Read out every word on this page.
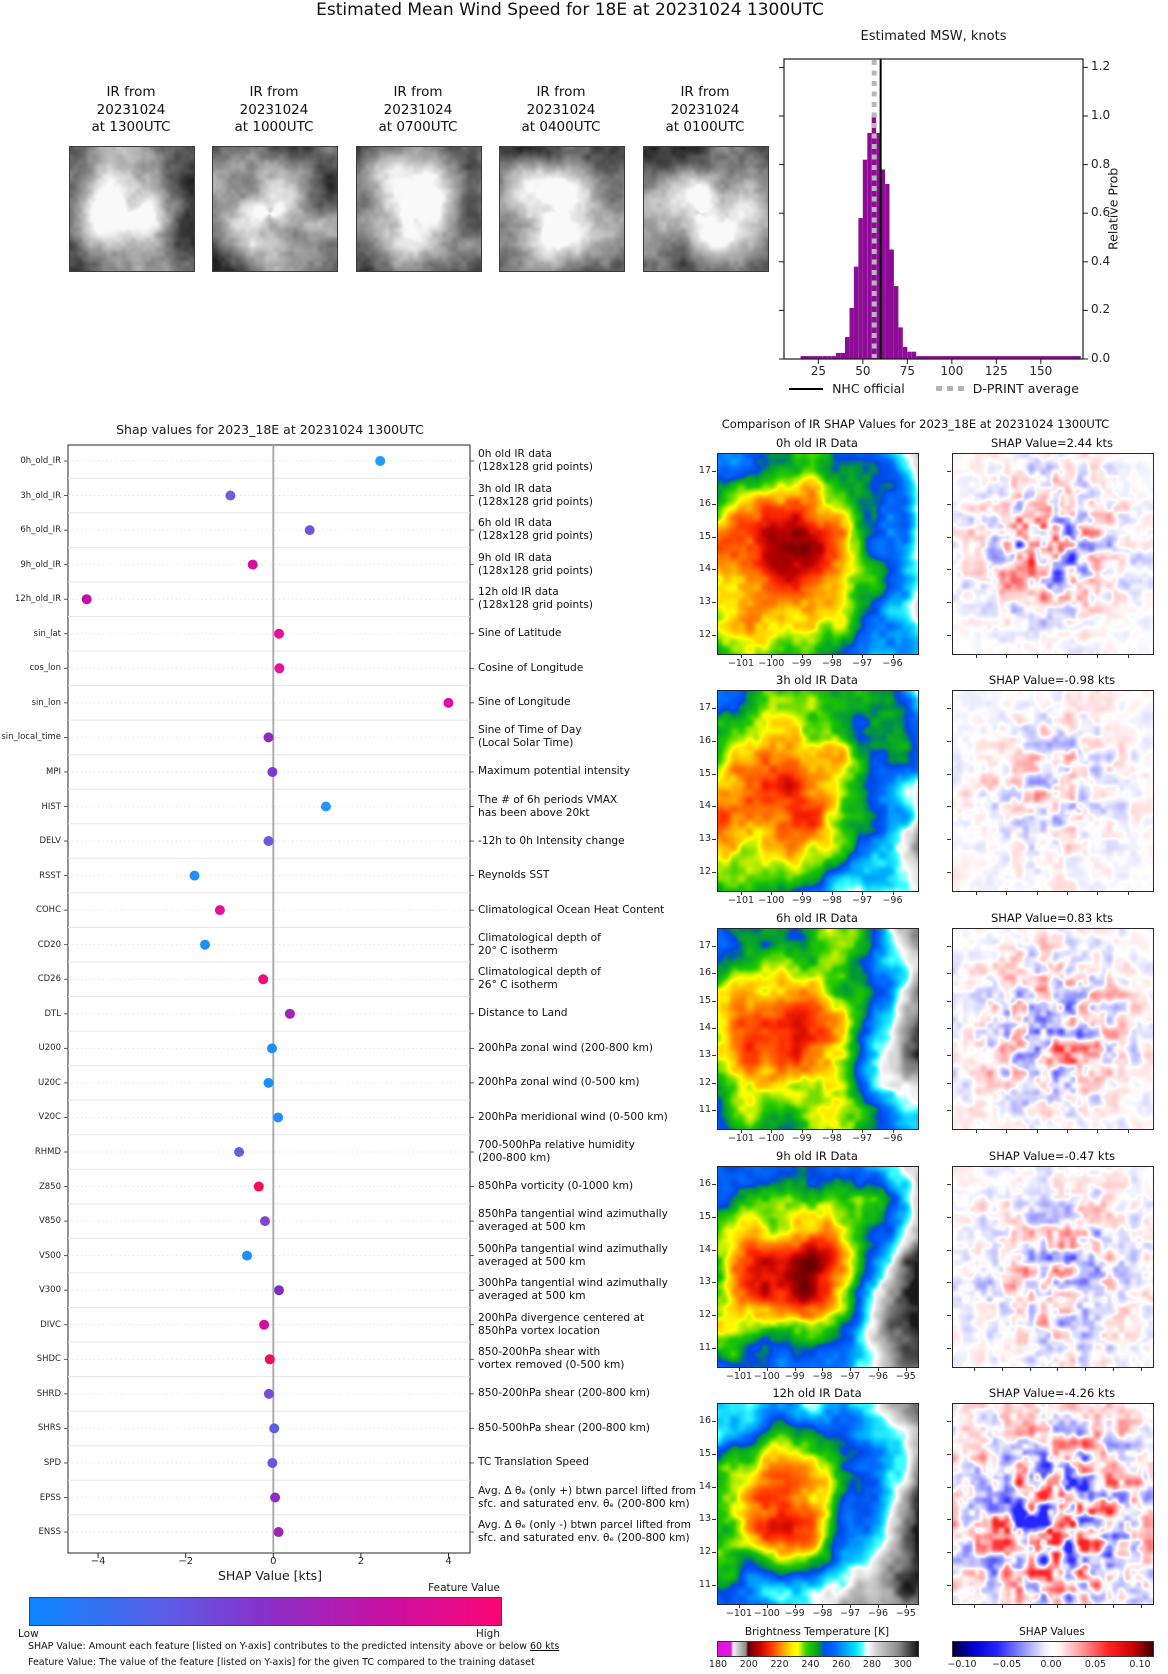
Estimated Mean Wind Speed for 18E at 20231024 1300UTC
IR from
20231024
at 1300UTC
IR from
20231024
at 1000UTC
IR from
20231024
at 0700UTC
IR from
20231024
at 0400UTC
IR from
20231024
at 0100UTC
Estimated MSW, knots
25	50	75	100	125	150
0.0
0.2
0.4
0.6
0.8
1.0
1.2
Relative Prob
NHC official	D-PRINT average
Shap values for 2023_18E at 20231024 1300UTC
0h_old_IR
0h old IR data
(128x128 grid points)
3h_old_IR
3h old IR data
(128x128 grid points)
6h_old_IR
6h old IR data
(128x128 grid points)
9h_old_IR
9h old IR data
(128x128 grid points)
12h_old_IR
12h old IR data
(128x128 grid points)
sin_lat	Sine of Latitude
cos_lon	Cosine of Longitude
sin_lon	Sine of Longitude
sin_local_time
Sine of Time of Day
(Local Solar Time)
MPI	Maximum potential intensity
HIST
The # of 6h periods VMAX
has been above 20kt
DELV	-12h to 0h Intensity change
RSST	Reynolds SST
COHC	Climatological Ocean Heat Content
CD20
Climatological depth of
20° C isotherm
CD26
Climatological depth of
26° C isotherm
DTL	Distance to Land
U200	200hPa zonal wind (200-800 km)
U20C	200hPa zonal wind (0-500 km)
V20C	200hPa meridional wind (0-500 km)
RHMD
700-500hPa relative humidity
(200-800 km)
Z850	850hPa vorticity (0-1000 km)
V850
850hPa tangential wind azimuthally
averaged at 500 km
V500
500hPa tangential wind azimuthally
averaged at 500 km
V300
300hPa tangential wind azimuthally
averaged at 500 km
DIVC
200hPa divergence centered at
850hPa vortex location
SHDC
850-200hPa shear with
vortex removed (0-500 km)
SHRD	850-200hPa shear (200-800 km)
SHRS	850-500hPa shear (200-800 km)
SPD	TC Translation Speed
EPSS
Avg. Δ θₑ (only +) btwn parcel lifted from
sfc. and saturated env. θₑ (200-800 km)
ENSS
Avg. Δ θₑ (only -) btwn parcel lifted from
sfc. and saturated env. θₑ (200-800 km)
−4	−2	0	2	4
SHAP Value [kts]
Feature Value
Low	High
SHAP Value: Amount each feature [listed on Y-axis] contributes to the predicted intensity above or below 60 kts
Feature Value: The value of the feature [listed on Y-axis] for the given TC compared to the training dataset
Comparison of IR SHAP Values for 2023_18E at 20231024 1300UTC
0h old IR Data	SHAP Value=2.44 kts
17
16
15
14
13
12
−101 −100 −99	−98	−97	−96
3h old IR Data	SHAP Value=-0.98 kts
17
16
15
14
13
12
−101 −100 −99	−98	−97	−96
6h old IR Data	SHAP Value=0.83 kts
17
16
15
14
13
12
11
−101 −100 −99	−98	−97	−96
9h old IR Data	SHAP Value=-0.47 kts
16
15
14
13
12
11
−101 −100 −99 −98 −97 −96 −95
12h old IR Data	SHAP Value=-4.26 kts
16
15
14
13
12
11
−101 −100 −99 −98 −97 −96 −95
Brightness Temperature [K]
180	200	220	240	260	280	300
SHAP Values
−0.10	−0.05	0.00	0.05	0.10
